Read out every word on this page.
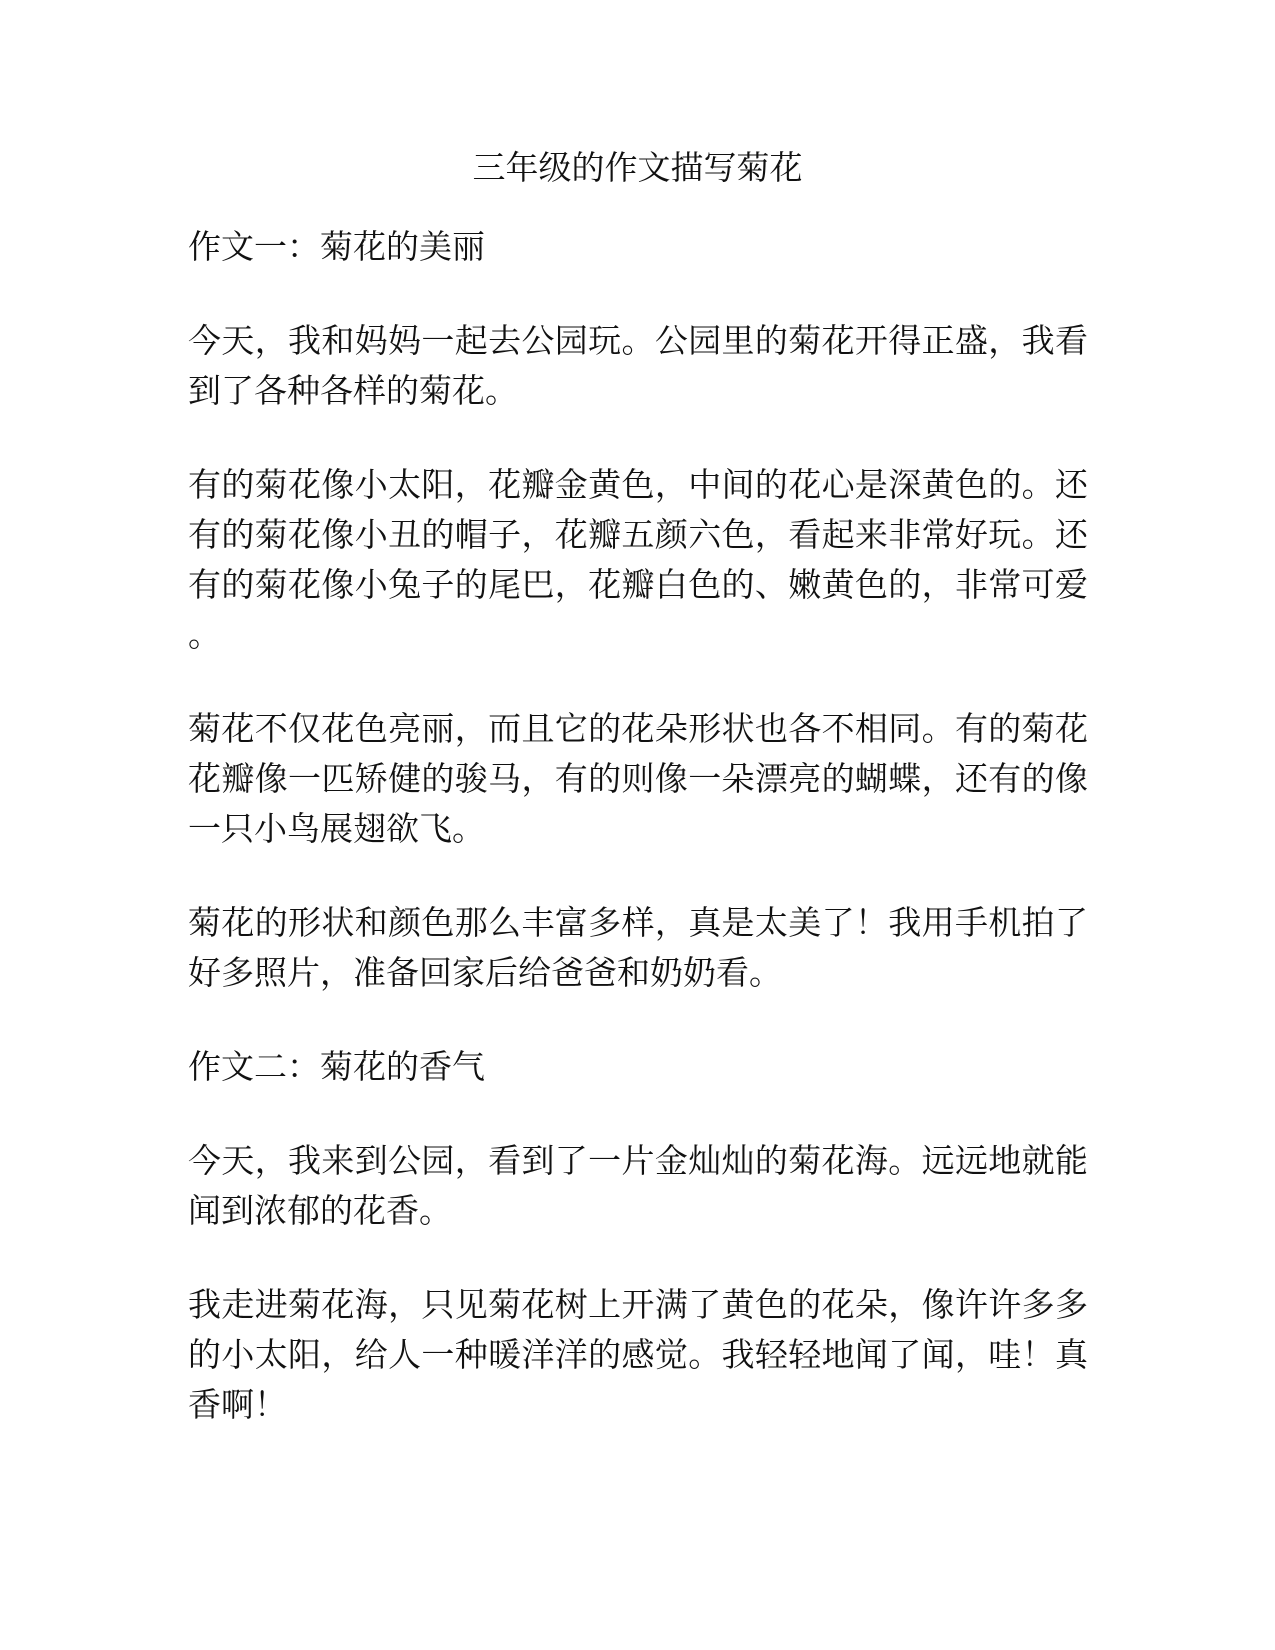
三年级的作文描写菊花
作文一：菊花的美丽
今天，我和妈妈一起去公园玩。公园里的菊花开得正盛，我看
到了各种各样的菊花。
有的菊花像小太阳，花瓣金黄色，中间的花心是深黄色的。还
有的菊花像小丑的帽子，花瓣五颜六色，看起来非常好玩。还
有的菊花像小兔子的尾巴，花瓣白色的、嫩黄色的，非常可爱
。
菊花不仅花色亮丽，而且它的花朵形状也各不相同。有的菊花
花瓣像一匹矫健的骏马，有的则像一朵漂亮的蝴蝶，还有的像
一只小鸟展翅欲飞。
菊花的形状和颜色那么丰富多样，真是太美了！我用手机拍了
好多照片，准备回家后给爸爸和奶奶看。
作文二：菊花的香气
今天，我来到公园，看到了一片金灿灿的菊花海。远远地就能
闻到浓郁的花香。
我走进菊花海，只见菊花树上开满了黄色的花朵，像许许多多
的小太阳，给人一种暖洋洋的感觉。我轻轻地闻了闻，哇！真
香啊！
